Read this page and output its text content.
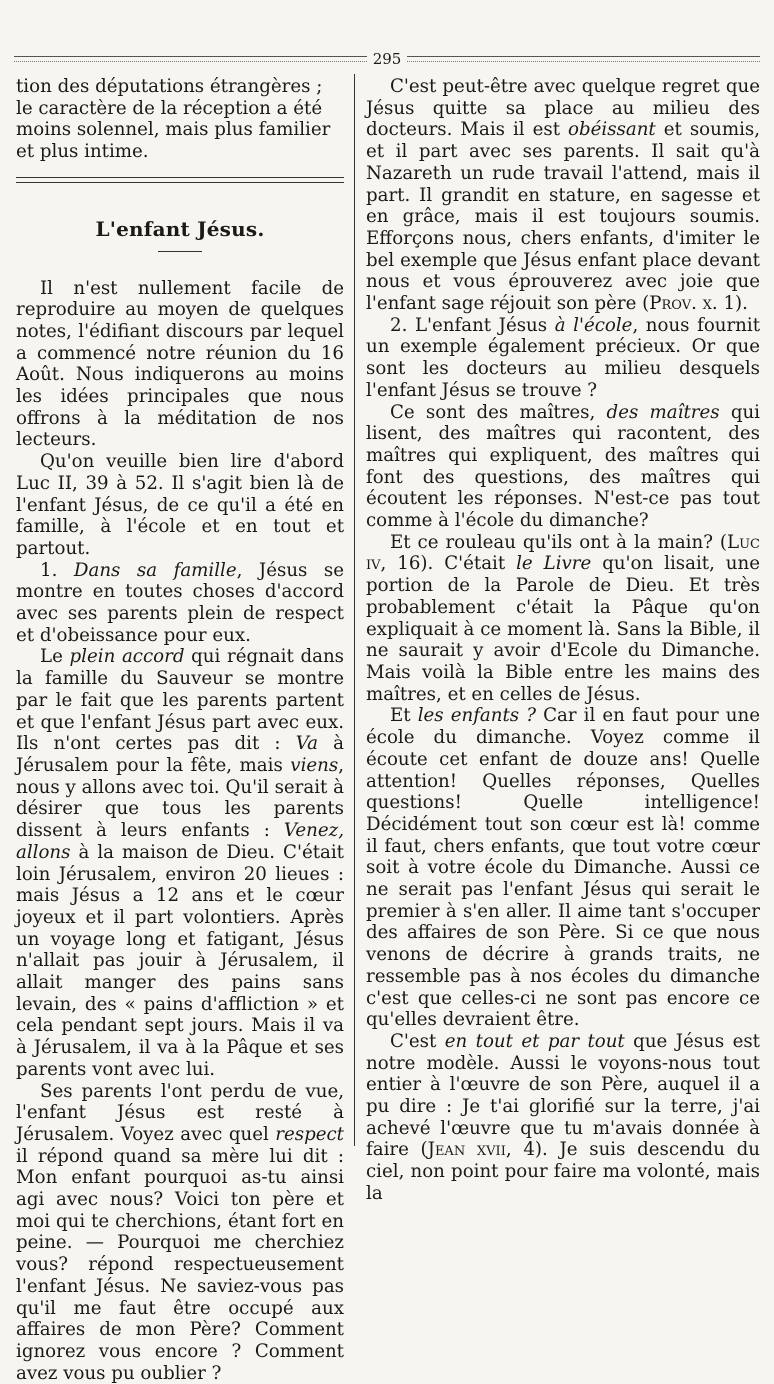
295

tion des députations étrangères ; le caractère de la réception a été moins solennel, mais plus familier et plus intime.

L'enfant Jésus.

Il n'est nullement facile de reproduire au moyen de quelques notes, l'édifiant discours par lequel a commencé notre réunion du 16 Août. Nous indiquerons au moins les idées principales que nous offrons à la méditation de nos lecteurs.

Qu'on veuille bien lire d'abord Luc II, 39 à 52. Il s'agit bien là de l'enfant Jésus, de ce qu'il a été en famille, à l'école et en tout et partout.

1. Dans sa famille, Jésus se montre en toutes choses d'accord avec ses parents plein de respect et d'obeissance pour eux.

Le plein accord qui régnait dans la famille du Sauveur se montre par le fait que les parents partent et que l'enfant Jésus part avec eux. Ils n'ont certes pas dit : Va à Jérusalem pour la fête, mais viens, nous y allons avec toi. Qu'il serait à désirer que tous les parents dissent à leurs enfants : Venez, allons à la maison de Dieu. C'était loin Jérusalem, environ 20 lieues : mais Jésus a 12 ans et le cœur joyeux et il part volontiers. Après un voyage long et fatigant, Jésus n'allait pas jouir à Jérusalem, il allait manger des pains sans levain, des « pains d'affliction » et cela pendant sept jours. Mais il va à Jérusalem, il va à la Pâque et ses parents vont avec lui.

Ses parents l'ont perdu de vue, l'enfant Jésus est resté à Jérusalem. Voyez avec quel respect il répond quand sa mère lui dit : Mon enfant pourquoi as-tu ainsi agi avec nous? Voici ton père et moi qui te cherchions, étant fort en peine. — Pourquoi me cherchiez vous? répond respectueusement l'enfant Jésus. Ne saviez-vous pas qu'il me faut être occupé aux affaires de mon Père? Comment ignorez vous encore ? Comment avez vous pu oublier ?

C'est peut-être avec quelque regret que Jésus quitte sa place au milieu des docteurs. Mais il est obéissant et soumis, et il part avec ses parents. Il sait qu'à Nazareth un rude travail l'attend, mais il part. Il grandit en stature, en sagesse et en grâce, mais il est toujours soumis. Efforçons nous, chers enfants, d'imiter le bel exemple que Jésus enfant place devant nous et vous éprouverez avec joie que l'enfant sage réjouit son père (Prov. x. 1).

2. L'enfant Jésus à l'école, nous fournit un exemple également précieux. Or que sont les docteurs au milieu desquels l'enfant Jésus se trouve ?

Ce sont des maîtres, des maîtres qui lisent, des maîtres qui racontent, des maîtres qui expliquent, des maîtres qui font des questions, des maîtres qui écoutent les réponses. N'est-ce pas tout comme à l'école du dimanche?

Et ce rouleau qu'ils ont à la main? (Luc iv, 16). C'était le Livre qu'on lisait, une portion de la Parole de Dieu. Et très probablement c'était la Pâque qu'on expliquait à ce moment là. Sans la Bible, il ne saurait y avoir d'Ecole du Dimanche. Mais voilà la Bible entre les mains des maîtres, et en celles de Jésus.

Et les enfants ? Car il en faut pour une école du dimanche. Voyez comme il écoute cet enfant de douze ans! Quelle attention! Quelles réponses, Quelles questions! Quelle intelligence! Décidément tout son cœur est là! comme il faut, chers enfants, que tout votre cœur soit à votre école du Dimanche. Aussi ce ne serait pas l'enfant Jésus qui serait le premier à s'en aller. Il aime tant s'occuper des affaires de son Père. Si ce que nous venons de décrire à grands traits, ne ressemble pas à nos écoles du dimanche c'est que celles-ci ne sont pas encore ce qu'elles devraient être.

C'est en tout et par tout que Jésus est notre modèle. Aussi le voyons-nous tout entier à l'œuvre de son Père, auquel il a pu dire : Je t'ai glorifié sur la terre, j'ai achevé l'œuvre que tu m'avais donnée à faire (Jean xvii, 4). Je suis descendu du ciel, non point pour faire ma volonté, mais la
